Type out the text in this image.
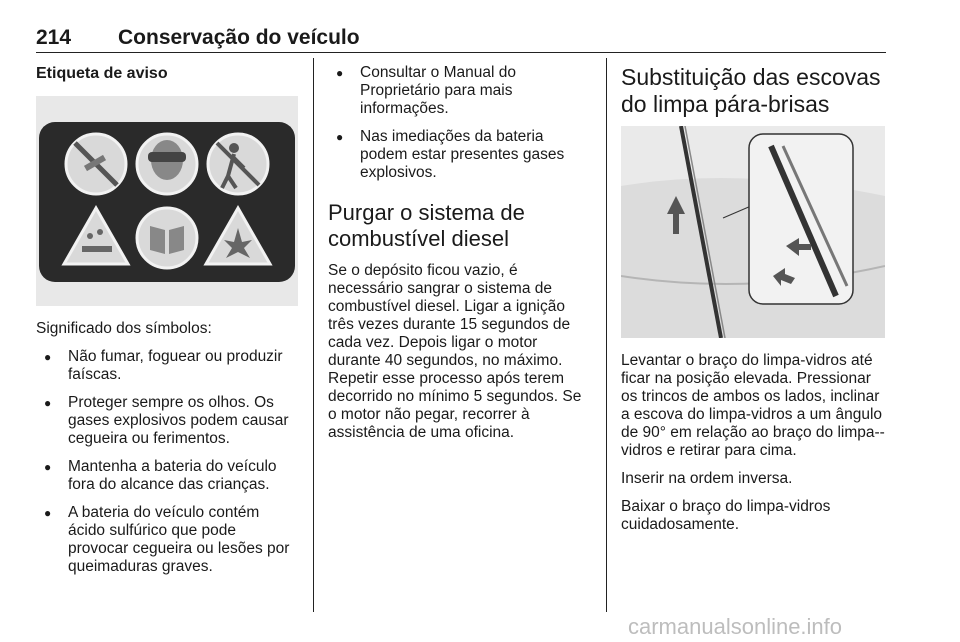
214 Conservação do veículo
Etiqueta de aviso

Significado dos símbolos:

● Não fumar, foguear ou produzir faíscas.
● Proteger sempre os olhos. Os gases explosivos podem causar cegueira ou ferimentos.
● Mantenha a bateria do veículo fora do alcance das crianças.
● A bateria do veículo contém ácido sulfúrico que pode provocar cegueira ou lesões por queimaduras graves.
● Consultar o Manual do Proprietário para mais informações.
● Nas imediações da bateria podem estar presentes gases explosivos.
Purgar o sistema de combustível diesel

Se o depósito ficou vazio, é necessário sangrar o sistema de combustível diesel. Ligar a ignição três vezes durante 15 segundos de cada vez. Depois ligar o motor durante 40 segundos, no máximo. Repetir esse processo após terem decorrido no mínimo 5 segundos. Se o motor não pegar, recorrer à assistência de uma oficina.

Substituição das escovas do limpa pára-brisas

Levantar o braço do limpa-vidros até ficar na posição elevada. Pressionar os trincos de ambos os lados, inclinar a escova do limpa-vidros a um ângulo de 90° em relação ao braço do limpa--vidros e retirar para cima.

Inserir na ordem inversa.

Baixar o braço do limpa-vidros cuidadosamente.

carmanualsonline.info
